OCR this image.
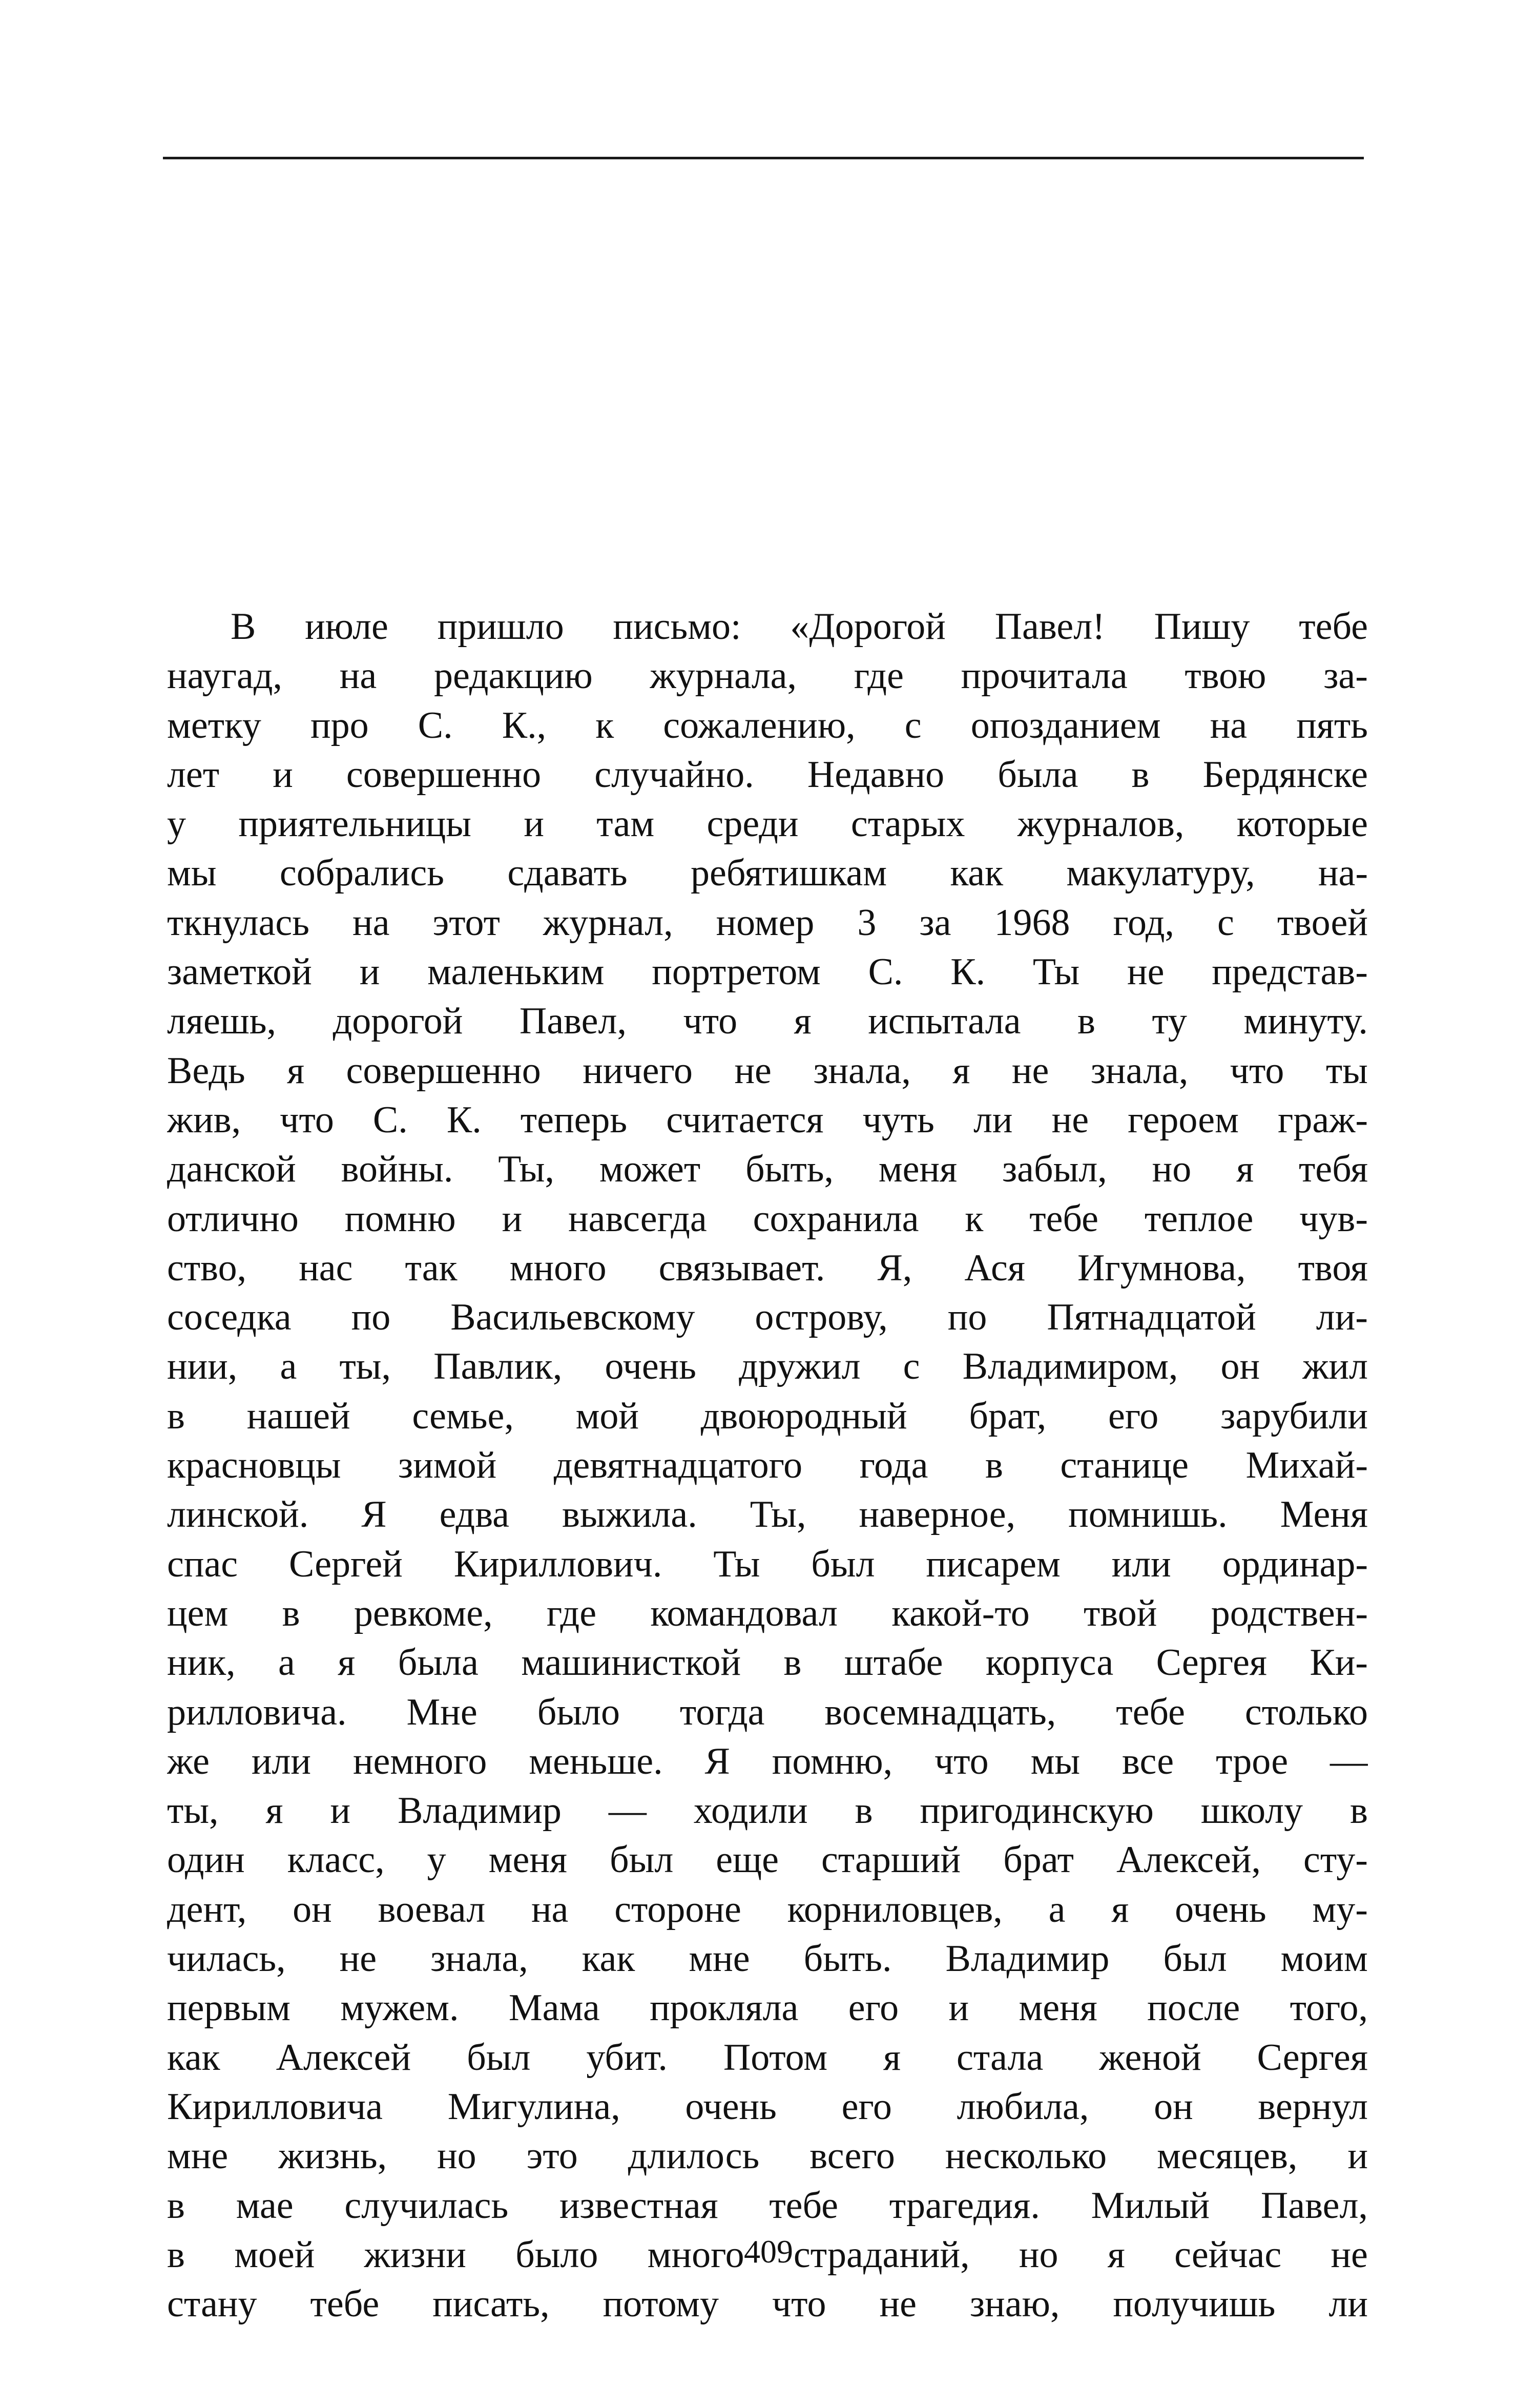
В июле пришло письмо: «Дорогой Павел! Пишу тебе
наугад, на редакцию журнала, где прочитала твою за-
метку про С. К., к сожалению, с опозданием на пять
лет и совершенно случайно. Недавно была в Бердянске
у приятельницы и там среди старых журналов, которые
мы собрались сдавать ребятишкам как макулатуру, на-
ткнулась на этот журнал, номер 3 за 1968 год, с твоей
заметкой и маленьким портретом С. К. Ты не представ-
ляешь, дорогой Павел, что я испытала в ту минуту.
Ведь я совершенно ничего не знала, я не знала, что ты
жив, что С. К. теперь считается чуть ли не героем граж-
данской войны. Ты, может быть, меня забыл, но я тебя
отлично помню и навсегда сохранила к тебе теплое чув-
ство, нас так много связывает. Я, Ася Игумнова, твоя
соседка по Васильевскому острову, по Пятнадцатой ли-
нии, а ты, Павлик, очень дружил с Владимиром, он жил
в нашей семье, мой двоюродный брат, его зарубили
красновцы зимой девятнадцатого года в станице Михай-
линской. Я едва выжила. Ты, наверное, помнишь. Меня
спас Сергей Кириллович. Ты был писарем или ординар-
цем в ревкоме, где командовал какой-то твой родствен-
ник, а я была машинисткой в штабе корпуса Сергея Ки-
рилловича. Мне было тогда восемнадцать, тебе столько
же или немного меньше. Я помню, что мы все трое —
ты, я и Владимир — ходили в пригодинскую школу в
один класс, у меня был еще старший брат Алексей, сту-
дент, он воевал на стороне корниловцев, а я очень му-
чилась, не знала, как мне быть. Владимир был моим
первым мужем. Мама прокляла его и меня после того,
как Алексей был убит. Потом я стала женой Сергея
Кирилловича Мигулина, очень его любила, он вернул
мне жизнь, но это длилось всего несколько месяцев, и
в мае случилась известная тебе трагедия. Милый Павел,
в моей жизни было много страданий, но я сейчас не
стану тебе писать, потому что не знаю, получишь ли
409
